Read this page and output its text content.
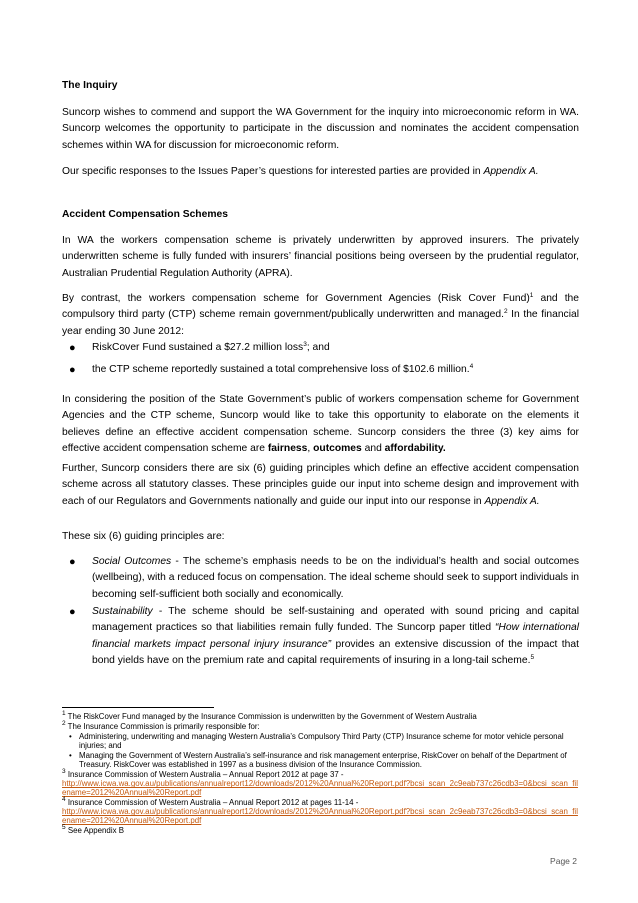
The Inquiry

Suncorp wishes to commend and support the WA Government for the inquiry into microeconomic reform in WA. Suncorp welcomes the opportunity to participate in the discussion and nominates the accident compensation schemes within WA for discussion for microeconomic reform.

Our specific responses to the Issues Paper’s questions for interested parties are provided in Appendix A.

Accident Compensation Schemes

In WA the workers compensation scheme is privately underwritten by approved insurers. The privately underwritten scheme is fully funded with insurers’ financial positions being overseen by the prudential regulator, Australian Prudential Regulation Authority (APRA).

By contrast, the workers compensation scheme for Government Agencies (Risk Cover Fund)$^1$ and the compulsory third party (CTP) scheme remain government/publically underwritten and managed.$^2$ In the financial year ending 30 June 2012:

● RiskCover Fund sustained a $27.2 million loss$^3$; and
● the CTP scheme reportedly sustained a total comprehensive loss of $102.6 million.$^4$

In considering the position of the State Government’s public of workers compensation scheme for Government Agencies and the CTP scheme, Suncorp would like to take this opportunity to elaborate on the elements it believes define an effective accident compensation scheme. Suncorp considers the three (3) key aims for effective accident compensation scheme are fairness, outcomes and affordability.

Further, Suncorp considers there are six (6) guiding principles which define an effective accident compensation scheme across all statutory classes. These principles guide our input into scheme design and improvement with each of our Regulators and Governments nationally and guide our input into our response in Appendix A.

These six (6) guiding principles are:

● Social Outcomes - The scheme’s emphasis needs to be on the individual’s health and social outcomes (wellbeing), with a reduced focus on compensation. The ideal scheme should seek to support individuals in becoming self-sufficient both socially and economically.
● Sustainability - The scheme should be self-sustaining and operated with sound pricing and capital management practices so that liabilities remain fully funded. The Suncorp paper titled “How international financial markets impact personal injury insurance” provides an extensive discussion of the impact that bond yields have on the premium rate and capital requirements of insuring in a long-tail scheme.$^5$

$^1$ The RiskCover Fund managed by the Insurance Commission is underwritten by the Government of Western Australia

$^2$ The Insurance Commission is primarily responsible for:

• Administering, underwriting and managing Western Australia’s Compulsory Third Party (CTP) Insurance scheme for motor vehicle personal injuries; and

• Managing the Government of Western Australia’s self-insurance and risk management enterprise, RiskCover on behalf of the Department of Treasury. RiskCover was established in 1997 as a business division of the Insurance Commission.

$^3$ Insurance Commission of Western Australia – Annual Report 2012 at page 37 -
http://www.icwa.wa.gov.au/publications/annualreport12/downloads/2012%20Annual%20Report.pdf?bcsi_scan_2c9eab737c26cdb3=0&bcsi_scan_filename=2012%20Annual%20Report.pdf

$^4$ Insurance Commission of Western Australia – Annual Report 2012 at pages 11-14 -
http://www.icwa.wa.gov.au/publications/annualreport12/downloads/2012%20Annual%20Report.pdf?bcsi_scan_2c9eab737c26cdb3=0&bcsi_scan_filename=2012%20Annual%20Report.pdf

$^5$ See Appendix B

Page 2
